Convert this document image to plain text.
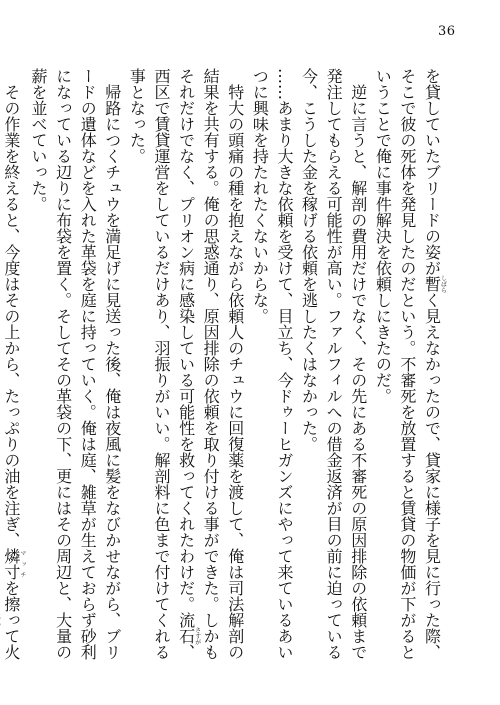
36

を貸していたブリードの姿が暫しばらく見えなかったので、貸家に様子を見に行った際、そこで彼の死体を発見したのだという。不審死を放置すると賃貸の物価が下がるということで俺に事件解決を依頼しにきたのだ。

逆に言うと、解剖の費用だけでなく、その先にある不審死の原因排除の依頼まで発注してもらえる可能性が高い。ファルフィルへの借金返済が目の前に迫っている今、こうした金を稼げる依頼を逃したくはなかった。

……あまり大きな依頼を受けて、目立ち、今ドゥーヒガンズにやって来ているあいつに興味を持たれたくないからな。

特大の頭痛の種を抱えながら依頼人のチュウに回復薬を渡して、俺は司法解剖の結果を共有する。俺の思惑通り、原因排除の依頼を取り付ける事ができた。しかもそれだけでなく、プリオン病に感染している可能性を救ってくれたわけだ。流石さすが、西区で賃貸運営をしているだけあり、羽振りがいい。解剖料に色まで付けてくれる事となった。

帰路につくチュウを満足げに見送った後、俺は夜風に髪をなびかせながら、ブリードの遺体などを入れた革袋を庭に持っていく。俺は庭、雑草が生えておらず砂利になっている辺りに布袋を置く。そしてその革袋の下、更にはその周辺と、大量の薪を並べていった。

その作業を終えると、今度はその上から、たっぷりの油を注ぎ、燐寸マッチを擦って火
